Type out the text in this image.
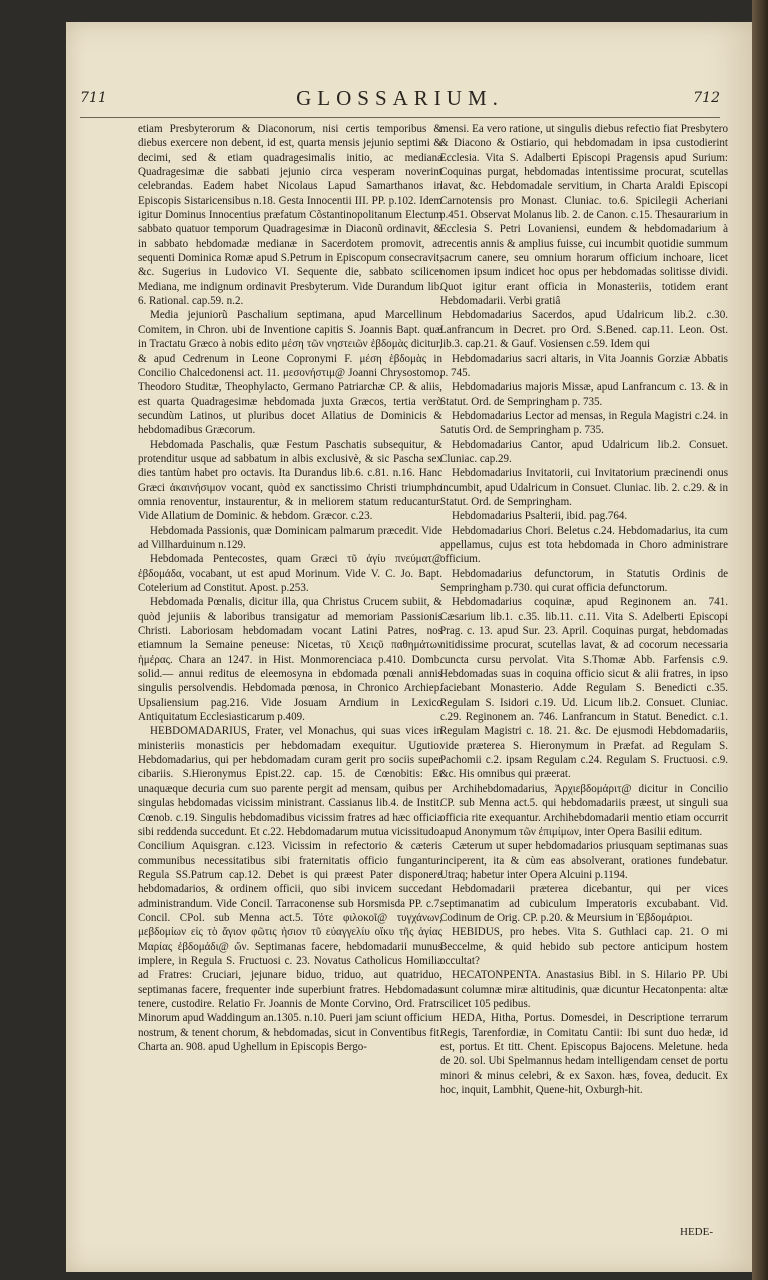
711	GLOSSARIUM.	712

etiam Presbyterorum & Diaconorum, nisi certis temporibus & diebus exercere non debent, id est, quarta mensis jejunio septimi & decimi, sed & etiam quadragesimalis initio, ac mediana Quadragesimæ die sabbati jejunio circa vesperam noverint celebrandas. Eadem habet Nicolaus Lapud Samarthanos in Episcopis Sistaricensibus n.18. Gesta Innocentii III. PP. p.102. Idem igitur Dominus Innocentius præfatum Cõstantinopolitanum Electum sabbato quatuor temporum Quadragesimæ in Diaconũ ordinavit, & in sabbato hebdomadæ medianæ in Sacerdotem promovit, ac sequenti Dominica Romæ apud S.Petrum in Episcopum consecravit, &c. Sugerius in Ludovico VI. Sequente die, sabbato scilicet Mediana, me indignum ordinavit Presbyterum. Vide Durandum lib. 6. Rational. cap.59. n.2.

Media jejuniorũ Paschalium septimana, apud Marcellinum Comitem, in Chron. ubi de Inventione capitis S. Joannis Bapt. quæ in Tractatu Græco à nobis edito μέση τῶν νηστειῶν ἑβδομὰς dicitur, & apud Cedrenum in Leone Copronymi F. μέση ἑβδομὰς in Concilio Chalcedonensi act. 11. μεσονήστιμ@ Joanni Chrysostomo, Theodoro Studitæ, Theophylacto, Germano Patriarchæ CP. & aliis, est quarta Quadragesimæ hebdomada juxta Græcos, tertia verò secundùm Latinos, ut pluribus docet Allatius de Dominicis & hebdomadibus Græcorum.

Hebdomada Paschalis, quæ Festum Paschatis subsequitur, & protenditur usque ad sabbatum in albis exclusivè, & sic Pascha sex dies tantùm habet pro octavis. Ita Durandus lib.6. c.81. n.16. Hanc Græci ἀκαινήσιμον vocant, quòd ex sanctissimo Christi triumpho omnia renoventur, instaurentur, & in meliorem statum reducantur. Vide Allatium de Dominic. & hebdom. Græcor. c.23.

Hebdomada Passionis, quæ Dominicam palmarum præcedit. Vide ad Villharduinum n.129.

Hebdomada Pentecostes, quam Græci τῦ ἁγίυ πνεύματ@ ἑβδομάδα, vocabant, ut est apud Morinum. Vide V. C. Jo. Bapt. Cotelerium ad Constitut. Apost. p.253.

Hebdomada Pœnalis, dicitur illa, qua Christus Crucem subiit, & quòd jejuniis & laboribus transigatur ad memoriam Passionis Christi. Laboriosam hebdomadam vocant Latini Patres, nos etiamnum la Semaine peneuse: Nicetas, τῦ Χειςῦ παθημάτων ἡμέρας. Chara an 1247. in Hist. Monmorenciaca p.410. Domb. solid.— annui reditus de eleemosyna in ebdomada pœnali annis singulis persolvendis. Hebdomada pœnosa, in Chronico Archiep. Upsaliensium pag.216. Vide Josuam Arndium in Lexico Antiquitatum Ecclesiasticarum p.409.

HEBDOMADARIUS, Frater, vel Monachus, qui suas vices in ministeriis monasticis per hebdomadam exequitur. Ugutio: Hebdomadarius, qui per hebdomadam curam gerit pro sociis super cibariis. S.Hieronymus Epist.22. cap. 15. de Cœnobitis: Et unaquæque decuria cum suo parente pergit ad mensam, quibus per singulas hebdomadas vicissim ministrant. Cassianus lib.4. de Instit. Cœnob. c.19. Singulis hebdomadibus vicissim fratres ad hæc officia sibi reddenda succedunt. Et c.22. Hebdomadarum mutua vicissitudo. Concilium Aquisgran. c.123. Vicissim in refectorio & cæteris communibus necessitatibus sibi fraternitatis officio fungantur. Regula SS.Patrum cap.12. Debet is qui præest Pater disponere hebdomadarios, & ordinem officii, quo sibi invicem succedant administrandum. Vide Concil. Tarraconense sub Horsmisda PP. c.7. Concil. CPol. sub Menna act.5. Τότε φιλοκοῖ@ τυγχάνων, μεβδομίων εἰς τὸ ἄγιον φῶτις ἡσιον τῦ εὐαγγελίυ οἴκυ τῆς ἁγίας Μαρίας ἑβδομάδι@ ὤν. Septimanas facere, hebdomadarii munus implere, in Regula S. Fructuosi c. 23. Novatus Catholicus Homilia ad Fratres: Cruciari, jejunare biduo, triduo, aut quatriduo, septimanas facere, frequenter inde superbiunt fratres. Hebdomadas tenere, custodire. Relatio Fr. Joannis de Monte Corvino, Ord. Fratr. Minorum apud Waddingum an.1305. n.10. Pueri jam sciunt officium nostrum, & tenent chorum, & hebdomadas, sicut in Conventibus fit. Charta an. 908. apud Ughellum in Episcopis Bergo-

mensi. Ea vero ratione, ut singulis diebus refectio fiat Presbytero & Diacono & Ostiario, qui hebdomadam in ipsa custodierint Ecclesia. Vita S. Adalberti Episcopi Pragensis apud Surium: Coquinas purgat, hebdomadas intentissime procurat, scutellas lavat, &c. Hebdomadale servitium, in Charta Araldi Episcopi Carnotensis pro Monast. Cluniac. to.6. Spicilegii Acheriani p.451. Observat Molanus lib. 2. de Canon. c.15. Thesaurarium in Ecclesia S. Petri Lovaniensi, eundem & hebdomadarium à trecentis annis & amplius fuisse, cui incumbit quotidie summum sacrum canere, seu omnium horarum officium inchoare, licet nomen ipsum indicet hoc opus per hebdomadas solitisse dividi. Quot igitur erant officia in Monasteriis, totidem erant Hebdomadarii. Verbi gratiâ

Hebdomadarius Sacerdos, apud Udalricum lib.2. c.30. Lanfrancum in Decret. pro Ord. S.Bened. cap.11. Leon. Ost. lib.3. cap.21. & Gauf. Vosiensen c.59. Idem qui

Hebdomadarius sacri altaris, in Vita Joannis Gorziæ Abbatis p. 745.

Hebdomadarius majoris Missæ, apud Lanfrancum c. 13. & in Statut. Ord. de Sempringham p. 735.

Hebdomadarius Lector ad mensas, in Regula Magistri c.24. in Satutis Ord. de Sempringham p. 735.

Hebdomadarius Cantor, apud Udalricum lib.2. Consuet. Cluniac. cap.29.

Hebdomadarius Invitatorii, cui Invitatorium præcinendi onus incumbit, apud Udalricum in Consuet. Cluniac. lib. 2. c.29. & in Statut. Ord. de Sempringham.

Hebdomadarius Psalterii, ibid. pag.764.

Hebdomadarius Chori. Beletus c.24. Hebdomadarius, ita cum appellamus, cujus est tota hebdomada in Choro administrare officium.

Hebdomadarius defunctorum, in Statutis Ordinis de Sempringham p.730. qui curat officia defunctorum.

Hebdomadarius coquinæ, apud Reginonem an. 741. Cæsarium lib.1. c.35. lib.11. c.11. Vita S. Adelberti Episcopi Prag. c. 13. apud Sur. 23. April. Coquinas purgat, hebdomadas nitidissime procurat, scutellas lavat, & ad cocorum necessaria cuncta cursu pervolat. Vita S.Thomæ Abb. Farfensis c.9. Hebdomadas suas in coquina officio sicut & alii fratres, in ipso faciebant Monasterio. Adde Regulam S. Benedicti c.35. Regulam S. Isidori c.19. Ud. Licum lib.2. Consuet. Cluniac. c.29. Reginonem an. 746. Lanfrancum in Statut. Benedict. c.1. Regulam Magistri c. 18. 21. &c. De ejusmodi Hebdomadariis, vide præterea S. Hieronymum in Præfat. ad Regulam S. Pachomii c.2. ipsam Regulam c.24. Regulam S. Fructuosi. c.9. &c. His omnibus qui præerat.

Archihebdomadarius, Ἀρχιεβδομάριτ@ dicitur in Concilio CP. sub Menna act.5. qui hebdomadariis præest, ut singuli sua officia rite exequantur. Archihebdomadarii mentio etiam occurrit apud Anonymum τῶν ἐπιμίμων, inter Opera Basilii editum.

Cæterum ut super hebdomadarios priusquam septimanas suas inciperent, ita & cùm eas absolverant, orationes fundebatur. Utraq; habetur inter Opera Alcuini p.1194.

Hebdomadarii præterea dicebantur, qui per vices septimanatim ad cubiculum Imperatoris excubabant. Vid. Codinum de Orig. CP. p.20. & Meursium in Ἑβδομάριοι.

HEBIDUS, pro hebes. Vita S. Guthlaci cap. 21. O mi Beccelme, & quid hebido sub pectore anticipum hostem occultat?

HECATONPENTA. Anastasius Bibl. in S. Hilario PP. Ubi sunt columnæ miræ altitudinis, quæ dicuntur Hecatonpenta: altæ scilicet 105 pedibus.

HEDA, Hitha, Portus. Domesdei, in Descriptione terrarum Regis, Tarenfordiæ, in Comitatu Cantii: Ibi sunt duo hedæ, id est, portus. Et titt. Chent. Episcopus Bajocens. Meletune. heda de 20. sol. Ubi Spelmannus hedam intelligendam censet de portu minori & minus celebri, & ex Saxon. hæs, fovea, deducit. Ex hoc, inquit, Lambhit, Quene-hit, Oxburgh-hit.

HEDE-
